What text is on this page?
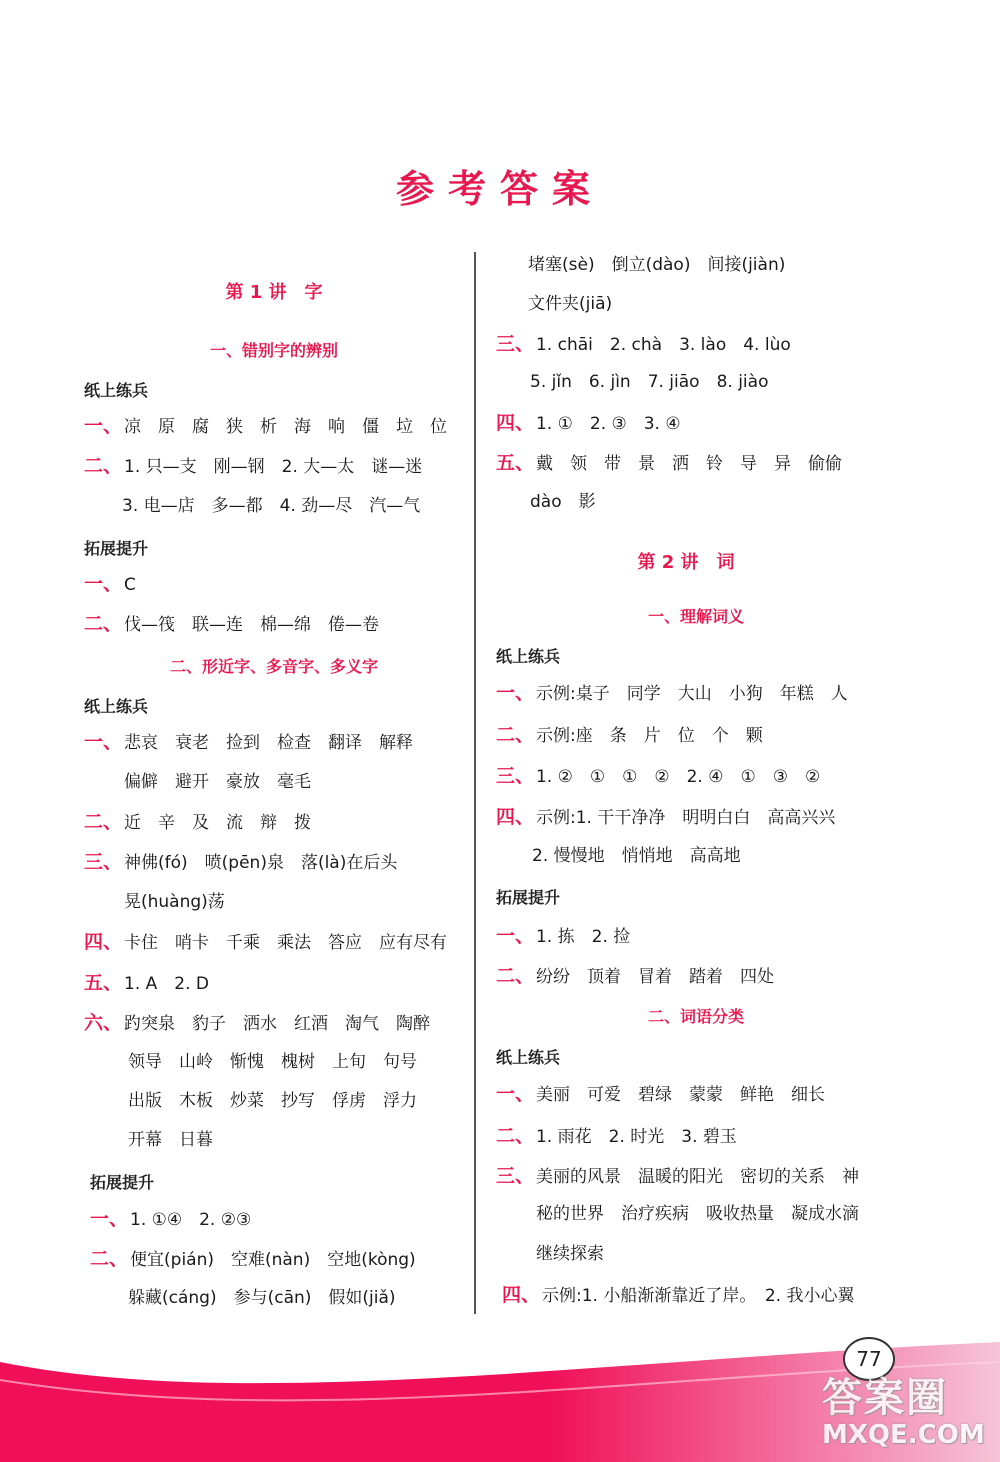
参考答案
第 1 讲　字
一、错别字的辨别
纸上练兵
一、 凉　原　腐　狭　析　海　响　僵　垃　位
二、 1. 只—支　刚—钢　2. 大—太　谜—迷
3. 电—店　多—都　4. 劲—尽　汽—气
拓展提升
一、 C
二、 伐—筏　联—连　棉—绵　倦—卷
二、形近字、多音字、多义字
纸上练兵
一、 悲哀　衰老　捡到　检查　翻译　解释
偏僻　避开　豪放　毫毛
二、 近　辛　及　流　辩　拨
三、 神佛(fó)　喷(pēn)泉　落(là)在后头
晃(huàng)荡
四、 卡住　哨卡　千乘　乘法　答应　应有尽有
五、 1. A　2. D
六、 趵突泉　豹子　洒水　红酒　淘气　陶醉
领导　山岭　惭愧　槐树　上旬　句号
出版　木板　炒菜　抄写　俘虏　浮力
开幕　日暮
拓展提升
一、 1. ①④　2. ②③
二、 便宜(pián)　空难(nàn)　空地(kòng)
躲藏(cáng)　参与(cān)　假如(jiǎ)
堵塞(sè)　倒立(dào)　间接(jiàn)
文件夹(jiā)
三、 1. chāi　2. chà　3. lào　4. lùo
5. jǐn　6. jìn　7. jiāo　8. jiào
四、 1. ①　2. ③　3. ④
五、 戴　领　带　景　洒　铃　导　异　偷偷
dào　影
第 2 讲　词
一、理解词义
纸上练兵
一、 示例:桌子　同学　大山　小狗　年糕　人
二、 示例:座　条　片　位　个　颗
三、 1. ②　①　①　②　2. ④　①　③　②
四、 示例:1. 干干净净　明明白白　高高兴兴
2. 慢慢地　悄悄地　高高地
拓展提升
一、 1. 拣　2. 捡
二、 纷纷　顶着　冒着　踏着　四处
二、词语分类
纸上练兵
一、 美丽　可爱　碧绿　蒙蒙　鲜艳　细长
二、 1. 雨花　2. 时光　3. 碧玉
三、 美丽的风景　温暖的阳光　密切的关系　神
秘的世界　治疗疾病　吸收热量　凝成水滴
继续探索
四、 示例:1. 小船渐渐靠近了岸。　2. 我小心翼
77
答案圈
MXQE.COM
